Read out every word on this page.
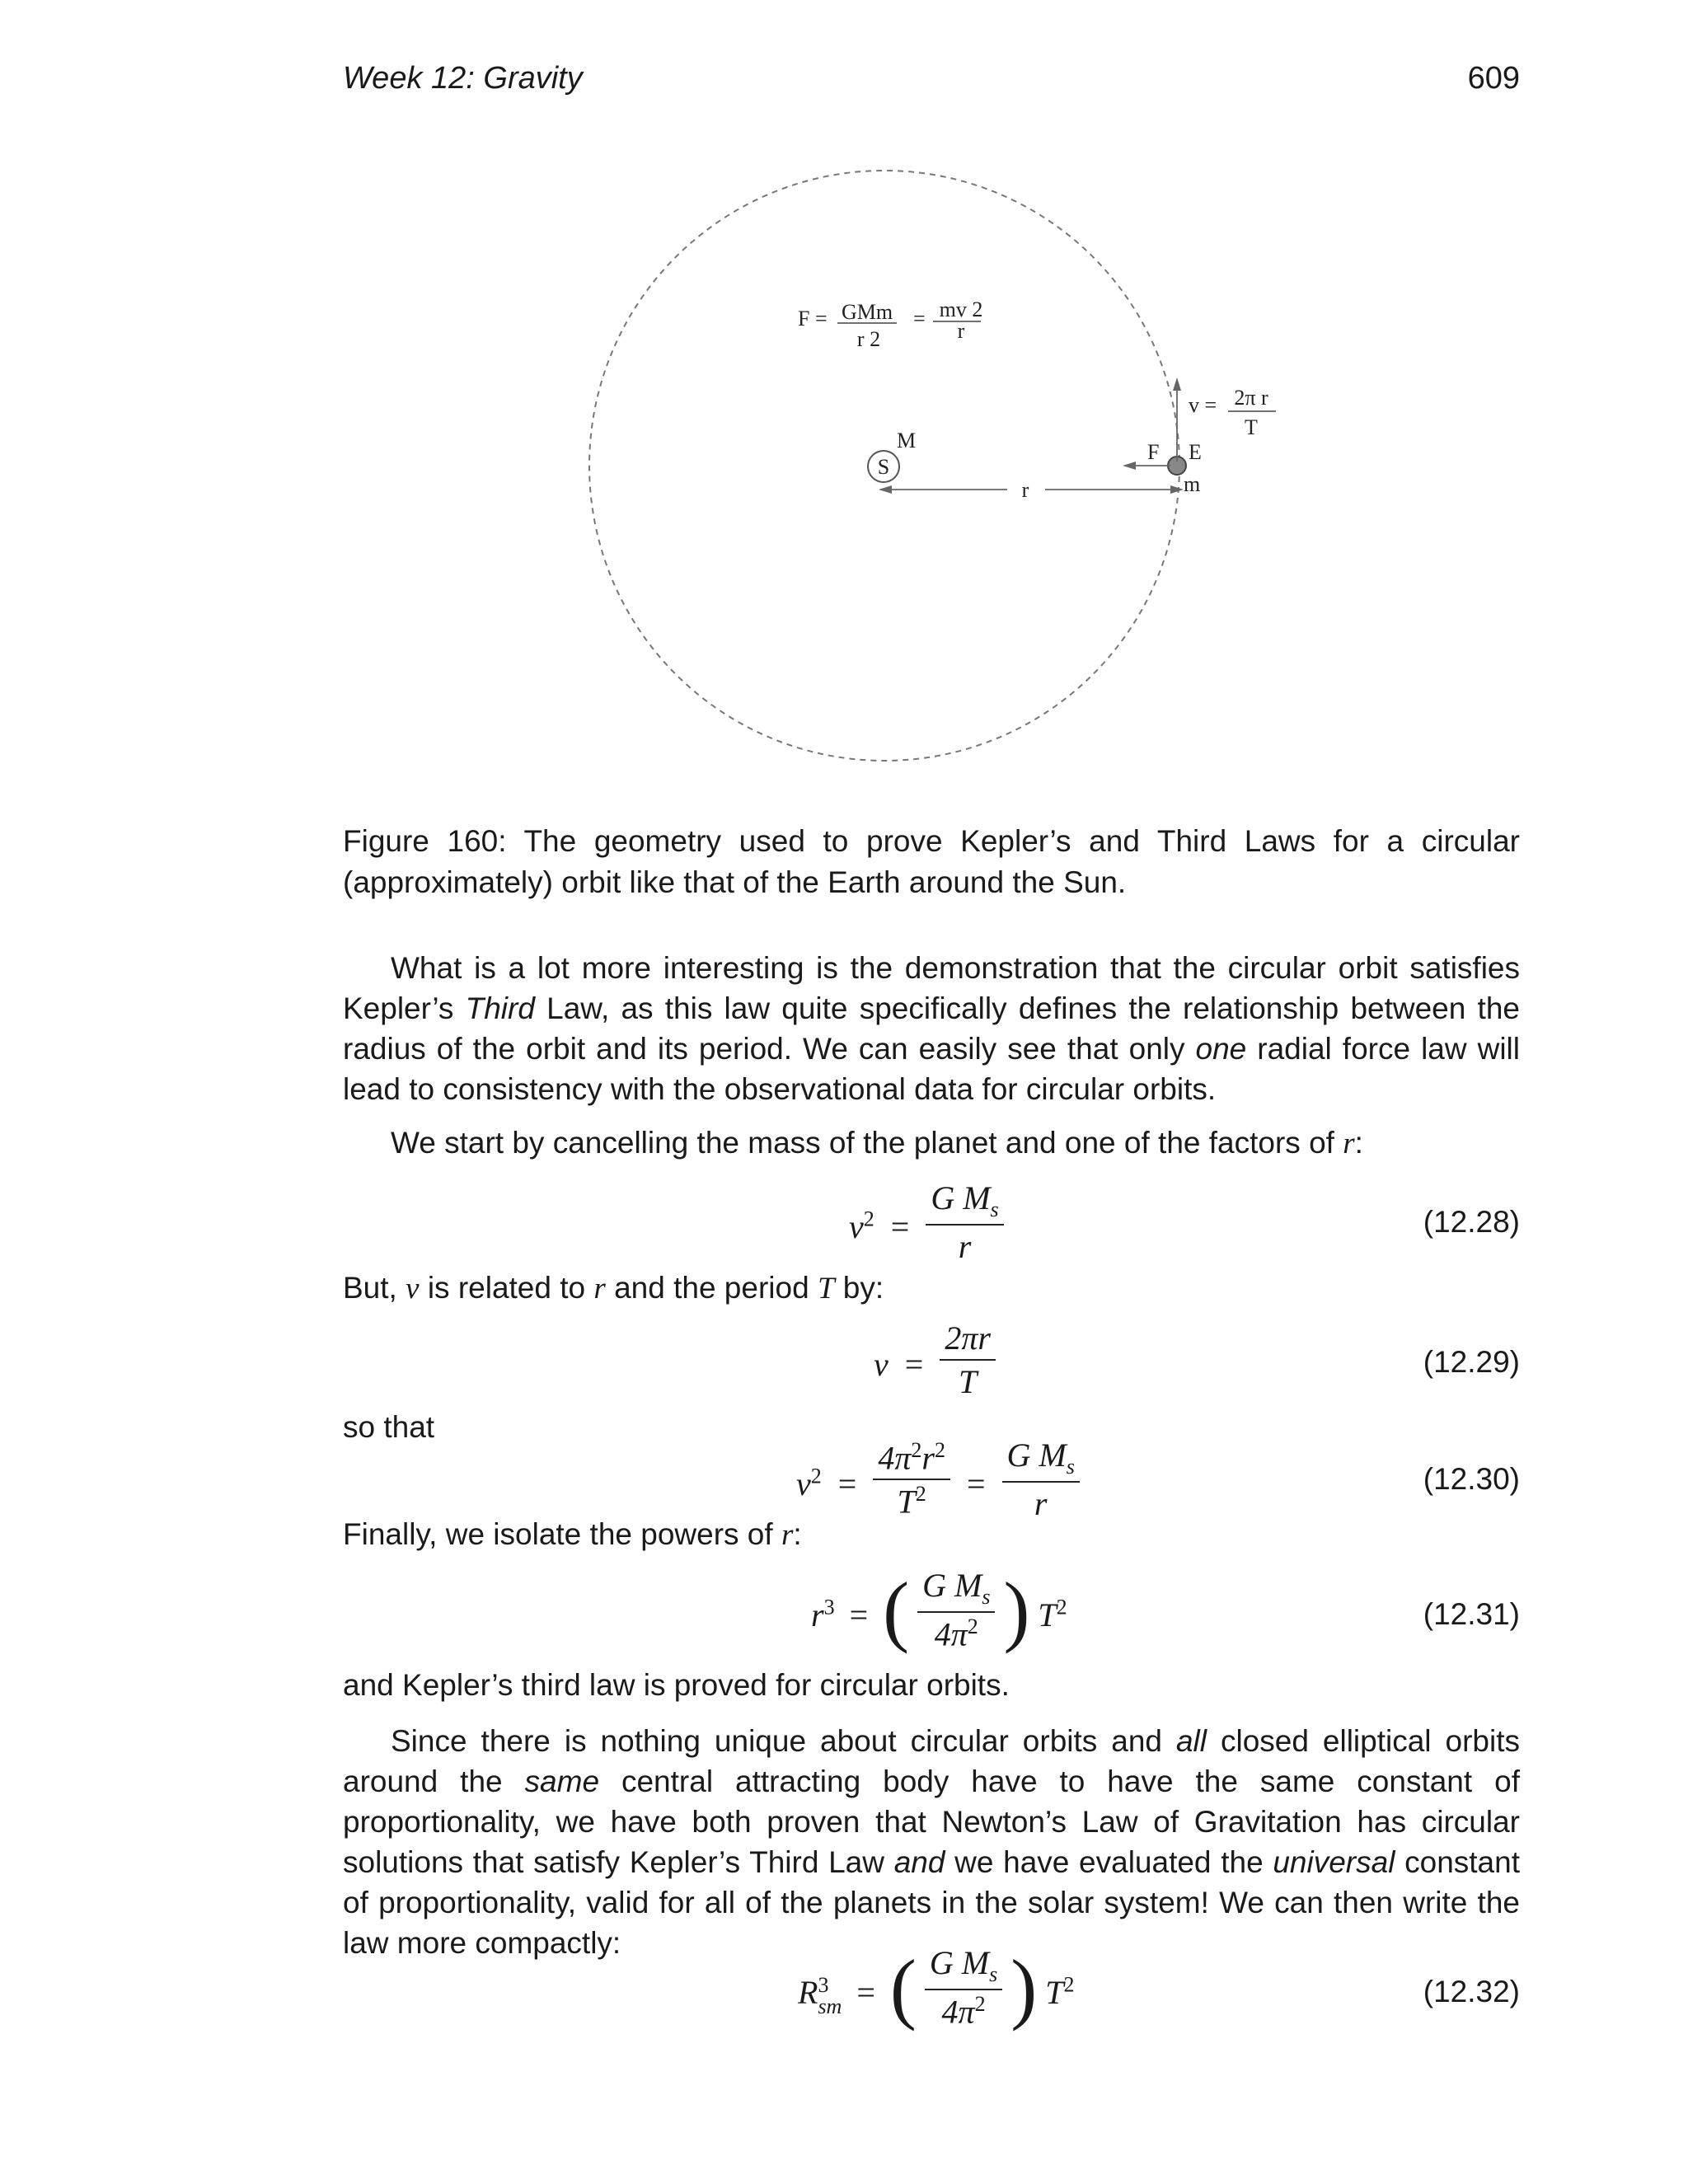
Week 12: Gravity	609
S
M
r
F E
m
v = 2π r
T
F = GMm
r 2
= mv 2
r
Figure 160: The geometry used to prove Kepler’s and Third Laws for a circular (approximately) orbit like that of the Earth around the Sun.
What is a lot more interesting is the demonstration that the circular orbit satisfies Kepler’s Third Law, as this law quite specifically defines the relationship between the radius of the orbit and its period. We can easily see that only one radial force law will lead to consistency with the observational data for circular orbits.
We start by cancelling the mass of the planet and one of the factors of r:
$v^2 = \frac{G M_s}{r}$	(12.28)
But, v is related to r and the period T by:
$v = \frac{2\pi r}{T}$	(12.29)
so that
$v^2 = \frac{4\pi^2r^2}{T^2} = \frac{G M_s}{r}$	(12.30)
Finally, we isolate the powers of r:
$r^3$ = ( $\frac{G M_s}{4\pi^2}$ ) $T^2$	(12.31)
and Kepler’s third law is proved for circular orbits.
Since there is nothing unique about circular orbits and all closed elliptical orbits around the same central attracting body have to have the same constant of proportionality, we have both proven that Newton’s Law of Gravitation has circular solutions that satisfy Kepler’s Third Law and we have evaluated the universal constant of proportionality, valid for all of the planets in the solar system! We can then write the law more compactly:
R 3
sm = ( $\frac{G M_s}{4\pi^2}$ ) $T^2$	(12.32)
